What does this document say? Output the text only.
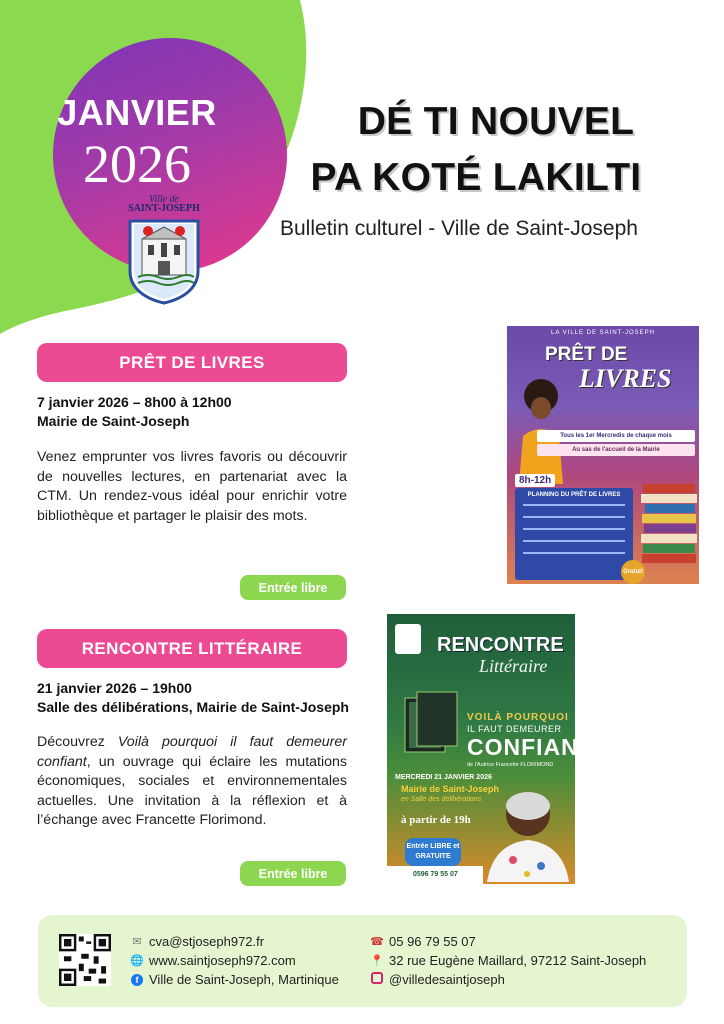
JANVIER
2026
Ville de
SAINT-JOSEPH
DÉ TI NOUVEL
PA KOTÉ LAKILTI
Bulletin culturel - Ville de Saint-Joseph
PRÊT DE LIVRES
7 janvier 2026 – 8h00 à 12h00
Mairie de Saint-Joseph
Venez emprunter vos livres favoris ou découvrir de nouvelles lectures, en partenariat avec la CTM. Un rendez-vous idéal pour enrichir votre bibliothèque et partager le plaisir des mots.
Entrée libre
LA VILLE DE SAINT-JOSEPH
PRÊT DE
LIVRES
Tous les 1er Mercredis de chaque mois
Au sas de l'accueil de la Mairie
8h-12h
PLANNING DU PRÊT DE LIVRES
Gratuit
RENCONTRE LITTÉRAIRE
21 janvier 2026 – 19h00
Salle des délibérations, Mairie de Saint-Joseph
Découvrez Voilà pourquoi il faut demeurer confiant, un ouvrage qui éclaire les mutations économiques, sociales et environnementales actuelles. Une invitation à la réflexion et à l’échange avec Francette Florimond.
Entrée libre
RENCONTRE
Littéraire
VOILÀ POURQUOI
IL FAUT DEMEURER
CONFIANT
de l'Autrice Francette FLORIMOND
MERCREDI 21 JANVIER 2026
Mairie de Saint-Joseph
en Salle des délibérations
à partir de 19h
Entrée LIBRE et GRATUITE
0596 79 55 07
✉ cva@stjoseph972.fr
🌐 www.saintjoseph972.com
f Ville de Saint-Joseph, Martinique
☎ 05 96 79 55 07
📍 32 rue Eugène Maillard, 97212 Saint-Joseph
@villedesaintjoseph
